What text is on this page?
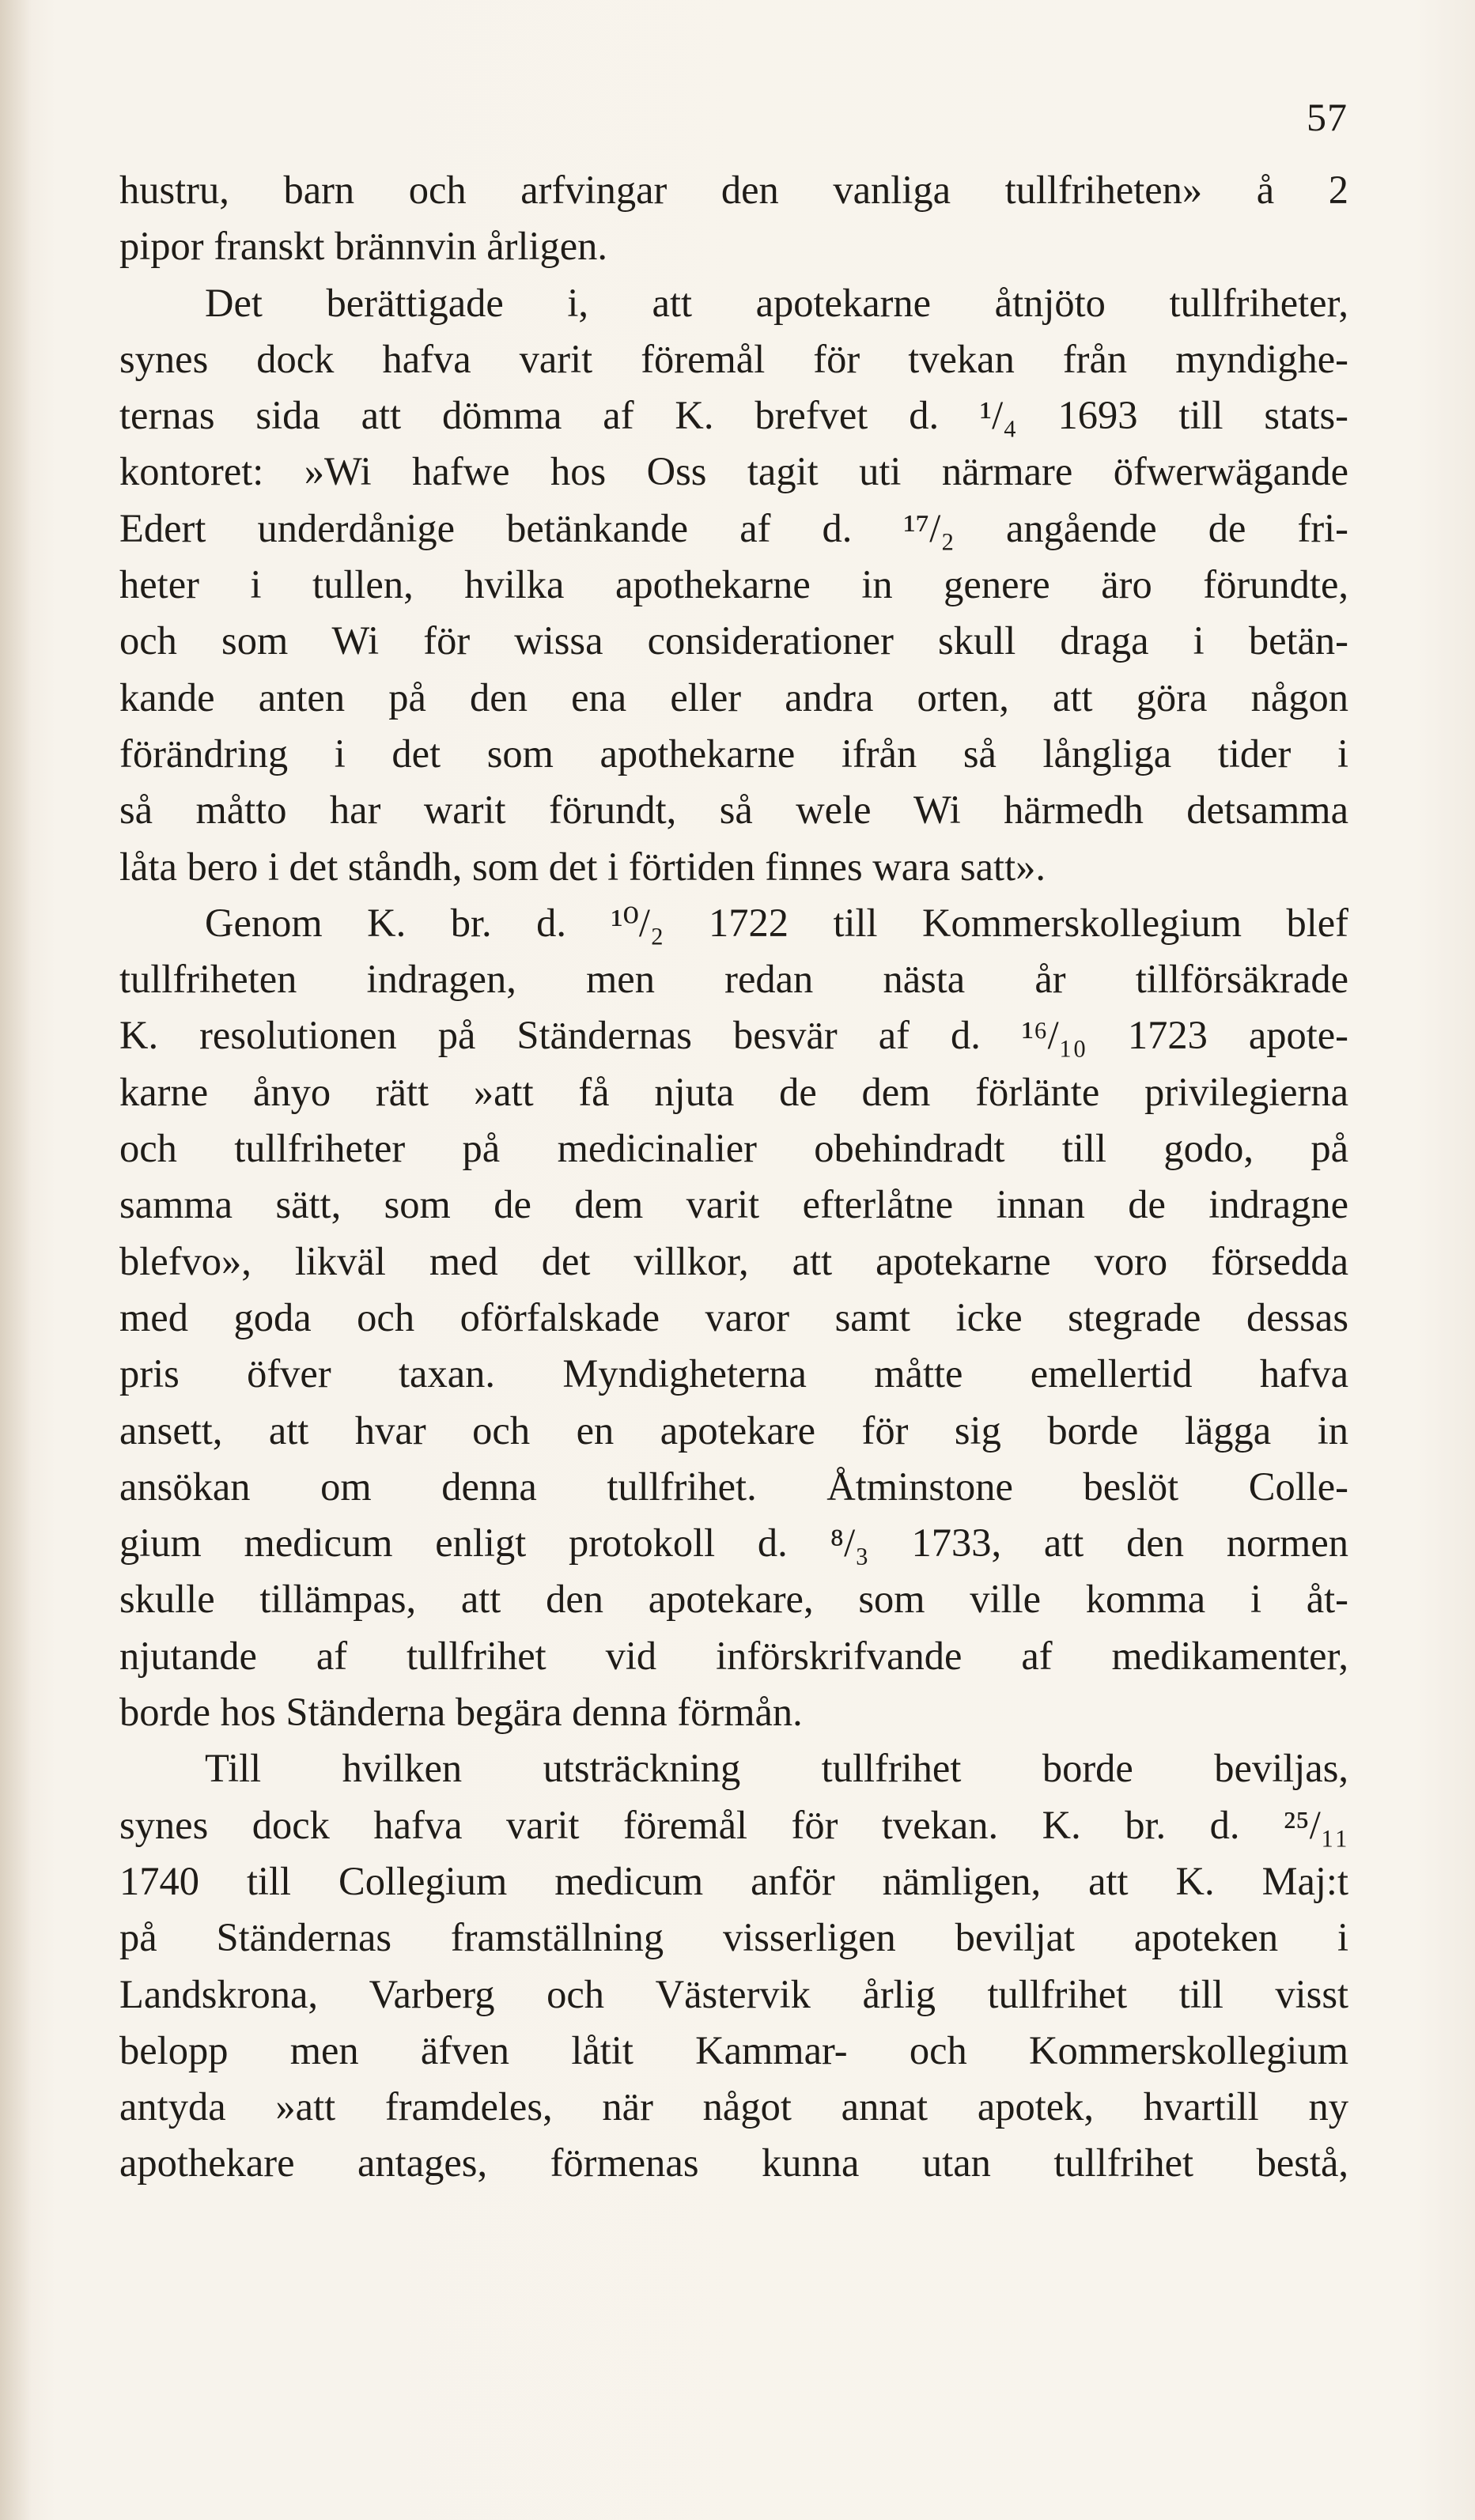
57
hustru, barn och arfvingar den vanliga tullfriheten» å 2
pipor franskt brännvin årligen.
Det berättigade i, att apotekarne åtnjöto tullfriheter,
synes dock hafva varit föremål för tvekan från myndighe-
ternas sida att dömma af K. brefvet d. ¹/₄ 1693 till stats-
kontoret: »Wi hafwe hos Oss tagit uti närmare öfwerwägande
Edert underdånige betänkande af d. ¹⁷/₂ angående de fri-
heter i tullen, hvilka apothekarne in genere äro förundte,
och som Wi för wissa considerationer skull draga i betän-
kande anten på den ena eller andra orten, att göra någon
förändring i det som apothekarne ifrån så långliga tider i
så måtto har warit förundt, så wele Wi härmedh detsamma
låta bero i det ståndh, som det i förtiden finnes wara satt».
Genom K. br. d. ¹⁰/₂ 1722 till Kommerskollegium blef
tullfriheten indragen, men redan nästa år tillförsäkrade
K. resolutionen på Ständernas besvär af d. ¹⁶/₁₀ 1723 apote-
karne ånyo rätt »att få njuta de dem förlänte privilegierna
och tullfriheter på medicinalier obehindradt till godo, på
samma sätt, som de dem varit efterlåtne innan de indragne
blefvo», likväl med det villkor, att apotekarne voro försedda
med goda och oförfalskade varor samt icke stegrade dessas
pris öfver taxan. Myndigheterna måtte emellertid hafva
ansett, att hvar och en apotekare för sig borde lägga in
ansökan om denna tullfrihet. Åtminstone beslöt Colle-
gium medicum enligt protokoll d. ⁸/₃ 1733, att den normen
skulle tillämpas, att den apotekare, som ville komma i åt-
njutande af tullfrihet vid införskrifvande af medikamenter,
borde hos Ständerna begära denna förmån.
Till hvilken utsträckning tullfrihet borde beviljas,
synes dock hafva varit föremål för tvekan. K. br. d. ²⁵/₁₁
1740 till Collegium medicum anför nämligen, att K. Maj:t
på Ständernas framställning visserligen beviljat apoteken i
Landskrona, Varberg och Västervik årlig tullfrihet till visst
belopp men äfven låtit Kammar- och Kommerskollegium
antyda »att framdeles, när något annat apotek, hvartill ny
apothekare antages, förmenas kunna utan tullfrihet bestå,
